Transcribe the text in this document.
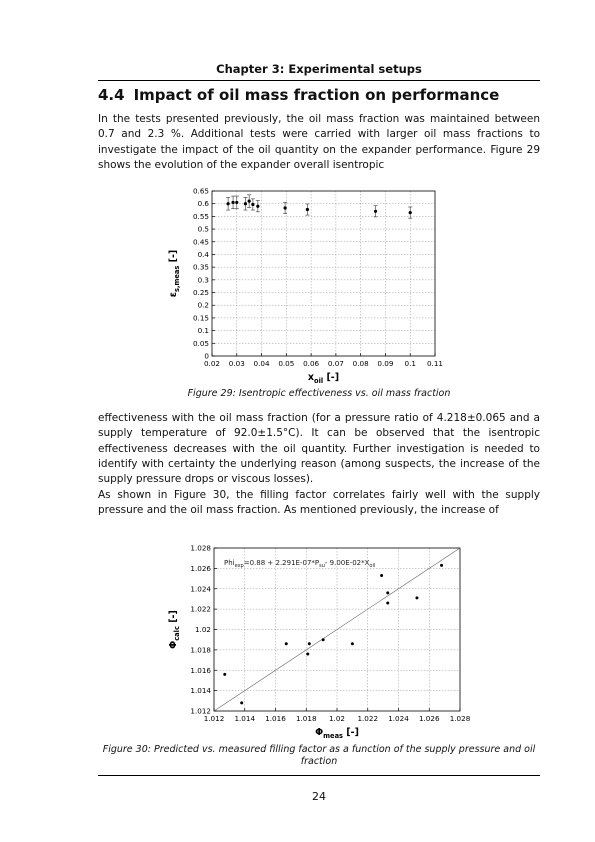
Chapter 3: Experimental setups
4.4 Impact of oil mass fraction on performance
In the tests presented previously, the oil mass fraction was maintained between 0.7 and 2.3 %. Additional tests were carried with larger oil mass fractions to investigate the impact of the oil quantity on the expander performance. Figure 29 shows the evolution of the expander overall isentropic
0.02 0.03 0.04 0.05 0.06 0.07 0.08 0.09 0.1 0.11
0
0.05
0.1
0.15
0.2
0.25
0.3
0.35
0.4
0.45
0.5
0.55
0.6
0.65
$x_{oil}$ [-]
$\varepsilon_{s,meas}$ [-]
Figure 29: Isentropic effectiveness vs. oil mass fraction
effectiveness with the oil mass fraction (for a pressure ratio of 4.218±0.065 and a supply temperature of 92.0±1.5°C). It can be observed that the isentropic effectiveness decreases with the oil quantity. Further investigation is needed to identify with certainty the underlying reason (among suspects, the increase of the supply pressure drops or viscous losses).
As shown in Figure 30, the filling factor correlates fairly well with the supply pressure and the oil mass fraction. As mentioned previously, the increase of
1.012 1.014 1.016 1.018 1.02 1.022 1.024 1.026 1.028
1.012
1.014
1.016
1.018
1.02
1.022
1.024
1.026
1.028
$\Phi_{meas}$ [-]
$\Phi_{calc}$ [-]
$Phi_{exp}=0.88 + 2.291E-07*P_{su}-$ $9.00E-02*X_{oil}$
Figure 30: Predicted vs. measured filling factor as a function of the supply pressure and oil fraction
24
